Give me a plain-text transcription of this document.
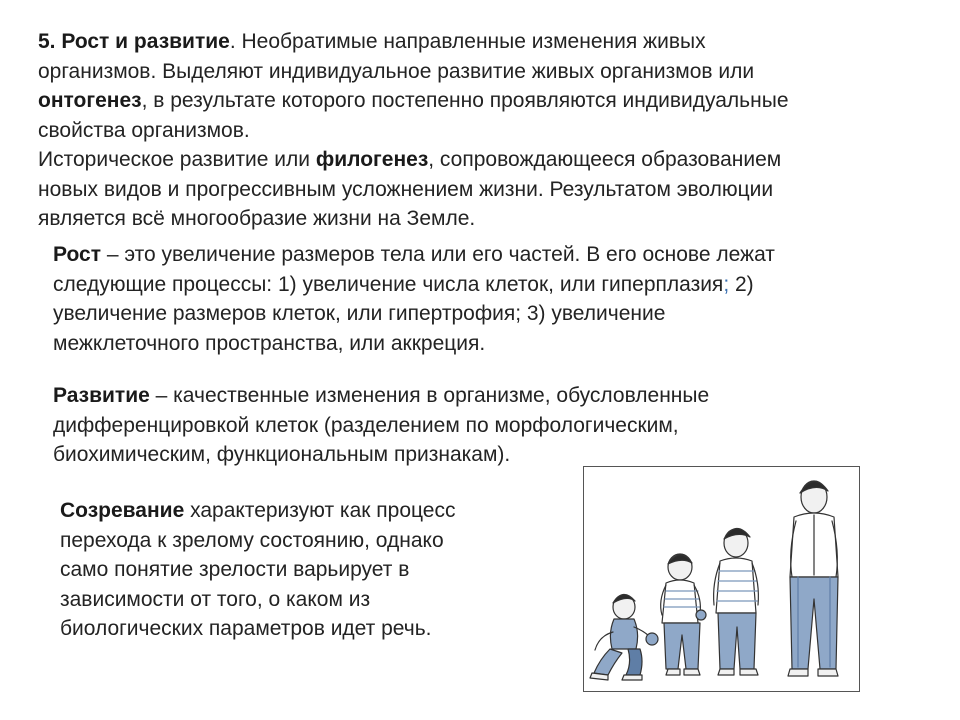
5. Рост и развитие. Необратимые направленные изменения живых
организмов. Выделяют индивидуальное развитие живых организмов или
онтогенез, в результате которого постепенно проявляются индивидуальные
свойства организмов.
Историческое развитие или филогенез, сопровождающееся образованием
новых видов и прогрессивным усложнением жизни. Результатом эволюции
является всё многообразие жизни на Земле.

Рост – это увеличение размеров тела или его частей. В его основе лежат
следующие процессы: 1) увеличение числа клеток, или гиперплазия; 2)
увеличение размеров клеток, или гипертрофия; 3) увеличение
межклеточного пространства, или аккреция.

Развитие – качественные изменения в организме, обусловленные
дифференцировкой клеток (разделением по морфологическим,
биохимическим, функциональным признакам).

Созревание характеризуют как процесс
перехода к зрелому состоянию, однако
само понятие зрелости варьирует в
зависимости от того, о каком из
биологических параметров идет речь.
